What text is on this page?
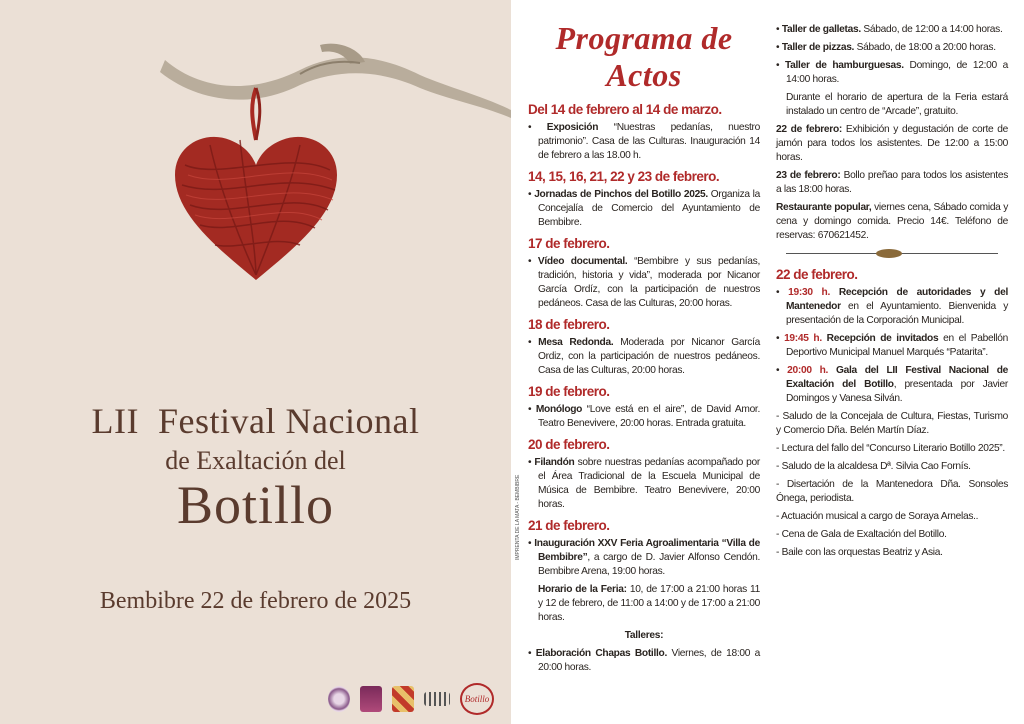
LII Festival Nacional
de Exaltación del
Botillo
Bembibre 22 de febrero de 2025
Botillo
IMPRENTA DE LA MATA - BEMBIBRE
Programa de Actos
Del 14 de febrero al 14 de marzo.
• Exposición “Nuestras pedanías, nuestro patrimonio”. Casa de las Culturas. Inauguración 14 de febrero a las 18.00 h.
14, 15, 16, 21, 22 y 23 de febrero.
• Jornadas de Pinchos del Botillo 2025. Organiza la Concejalía de Comercio del Ayuntamiento de Bembibre.
17 de febrero.
• Vídeo documental. “Bembibre y sus pedanías, tradición, historia y vida”, moderada por Nicanor García Ordíz, con la participación de nuestros pedáneos. Casa de las Culturas, 20:00 horas.
18 de febrero.
• Mesa Redonda. Moderada por Nicanor García Ordiz, con la participación de nuestros pedáneos. Casa de las Culturas, 20:00 horas.
19 de febrero.
• Monólogo “Love está en el aire”, de David Amor. Teatro Benevivere, 20:00 horas. Entrada gratuita.
20 de febrero.
• Filandón sobre nuestras pedanías acompañado por el Área Tradicional de la Escuela Municipal de Música de Bembibre. Teatro Benevivere, 20:00 horas.
21 de febrero.
• Inauguración XXV Feria Agroalimentaria “Villa de Bembibre”, a cargo de D. Javier Alfonso Cendón. Bembibre Arena, 19:00 horas.
Horario de la Feria: 10, de 17:00 a 21:00 horas 11 y 12 de febrero, de 11:00 a 14:00 y de 17:00 a 21:00 horas.
Talleres:
• Elaboración Chapas Botillo. Viernes, de 18:00 a 20:00 horas.
• Taller de galletas. Sábado, de 12:00 a 14:00 horas.
• Taller de pizzas. Sábado, de 18:00 a 20:00 horas.
• Taller de hamburguesas. Domingo, de 12:00 a 14:00 horas.
Durante el horario de apertura de la Feria estará instalado un centro de “Arcade”, gratuito.
22 de febrero: Exhibición y degustación de corte de jamón para todos los asistentes. De 12:00 a 15:00 horas.
23 de febrero: Bollo preñao para todos los asistentes a las 18:00 horas.
Restaurante popular, viernes cena, Sábado comida y cena y domingo comida. Precio 14€. Teléfono de reservas: 670621452.
22 de febrero.
• 19:30 h. Recepción de autoridades y del Mantenedor en el Ayuntamiento. Bienvenida y presentación de la Corporación Municipal.
• 19:45 h. Recepción de invitados en el Pabellón Deportivo Municipal Manuel Marqués “Patarita”.
• 20:00 h. Gala del LII Festival Nacional de Exaltación del Botillo, presentada por Javier Domingos y Vanesa Silván.
- Saludo de la Concejala de Cultura, Fiestas, Turismo y Comercio Dña. Belén Martín Díaz.
- Lectura del fallo del “Concurso Literario Botillo 2025”.
- Saludo de la alcaldesa Dª. Silvia Cao Fornís.
- Disertación de la Mantenedora Dña. Sonsoles Ónega, periodista.
- Actuación musical a cargo de Soraya Arnelas..
- Cena de Gala de Exaltación del Botillo.
- Baile con las orquestas Beatriz y Asia.
